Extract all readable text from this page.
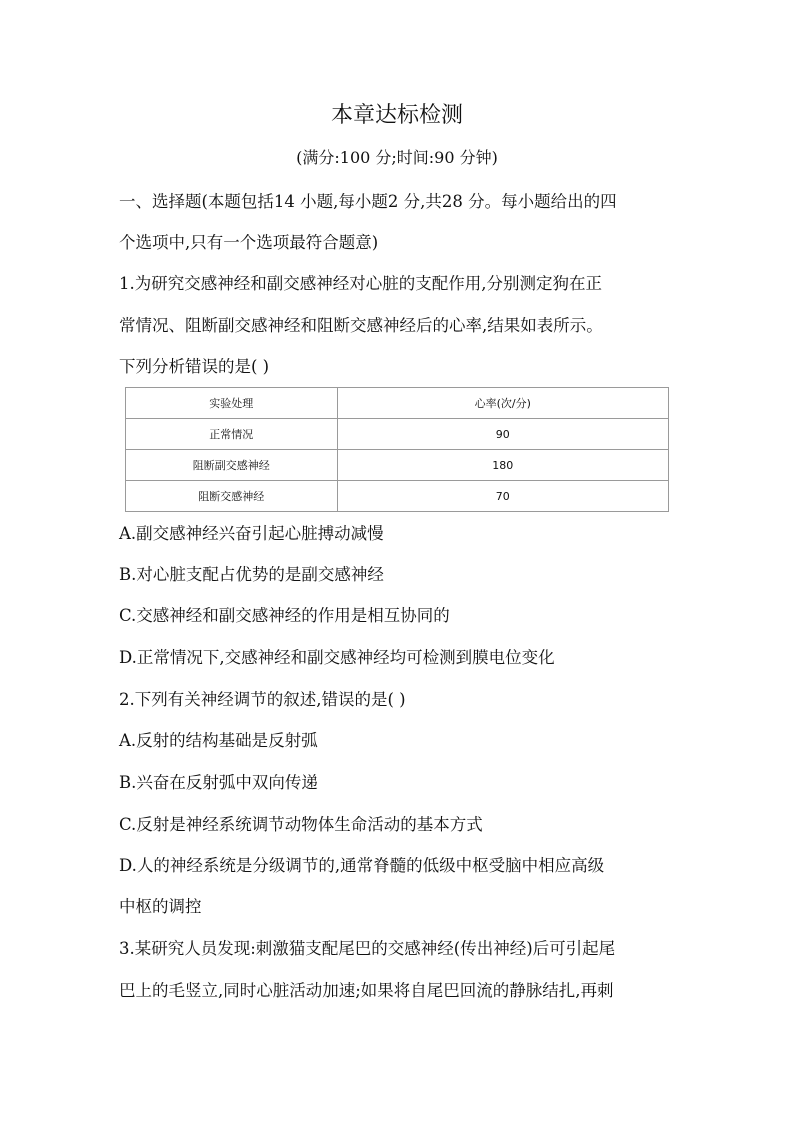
本章达标检测
(满分:100 分;时间:90 分钟)
一、选择题(本题包括14 小题,每小题2 分,共28 分。每小题给出的四
个选项中,只有一个选项最符合题意)
1.为研究交感神经和副交感神经对心脏的支配作用,分别测定狗在正
常情况、阻断副交感神经和阻断交感神经后的心率,结果如表所示。
下列分析错误的是( )
实验处理	心率(次/分)
正常情况	90
阻断副交感神经	180
阻断交感神经	70
A.副交感神经兴奋引起心脏搏动减慢
B.对心脏支配占优势的是副交感神经
C.交感神经和副交感神经的作用是相互协同的
D.正常情况下,交感神经和副交感神经均可检测到膜电位变化
2.下列有关神经调节的叙述,错误的是( )
A.反射的结构基础是反射弧
B.兴奋在反射弧中双向传递
C.反射是神经系统调节动物体生命活动的基本方式
D.人的神经系统是分级调节的,通常脊髓的低级中枢受脑中相应高级
中枢的调控
3.某研究人员发现:刺激猫支配尾巴的交感神经(传出神经)后可引起尾
巴上的毛竖立,同时心脏活动加速;如果将自尾巴回流的静脉结扎,再刺
